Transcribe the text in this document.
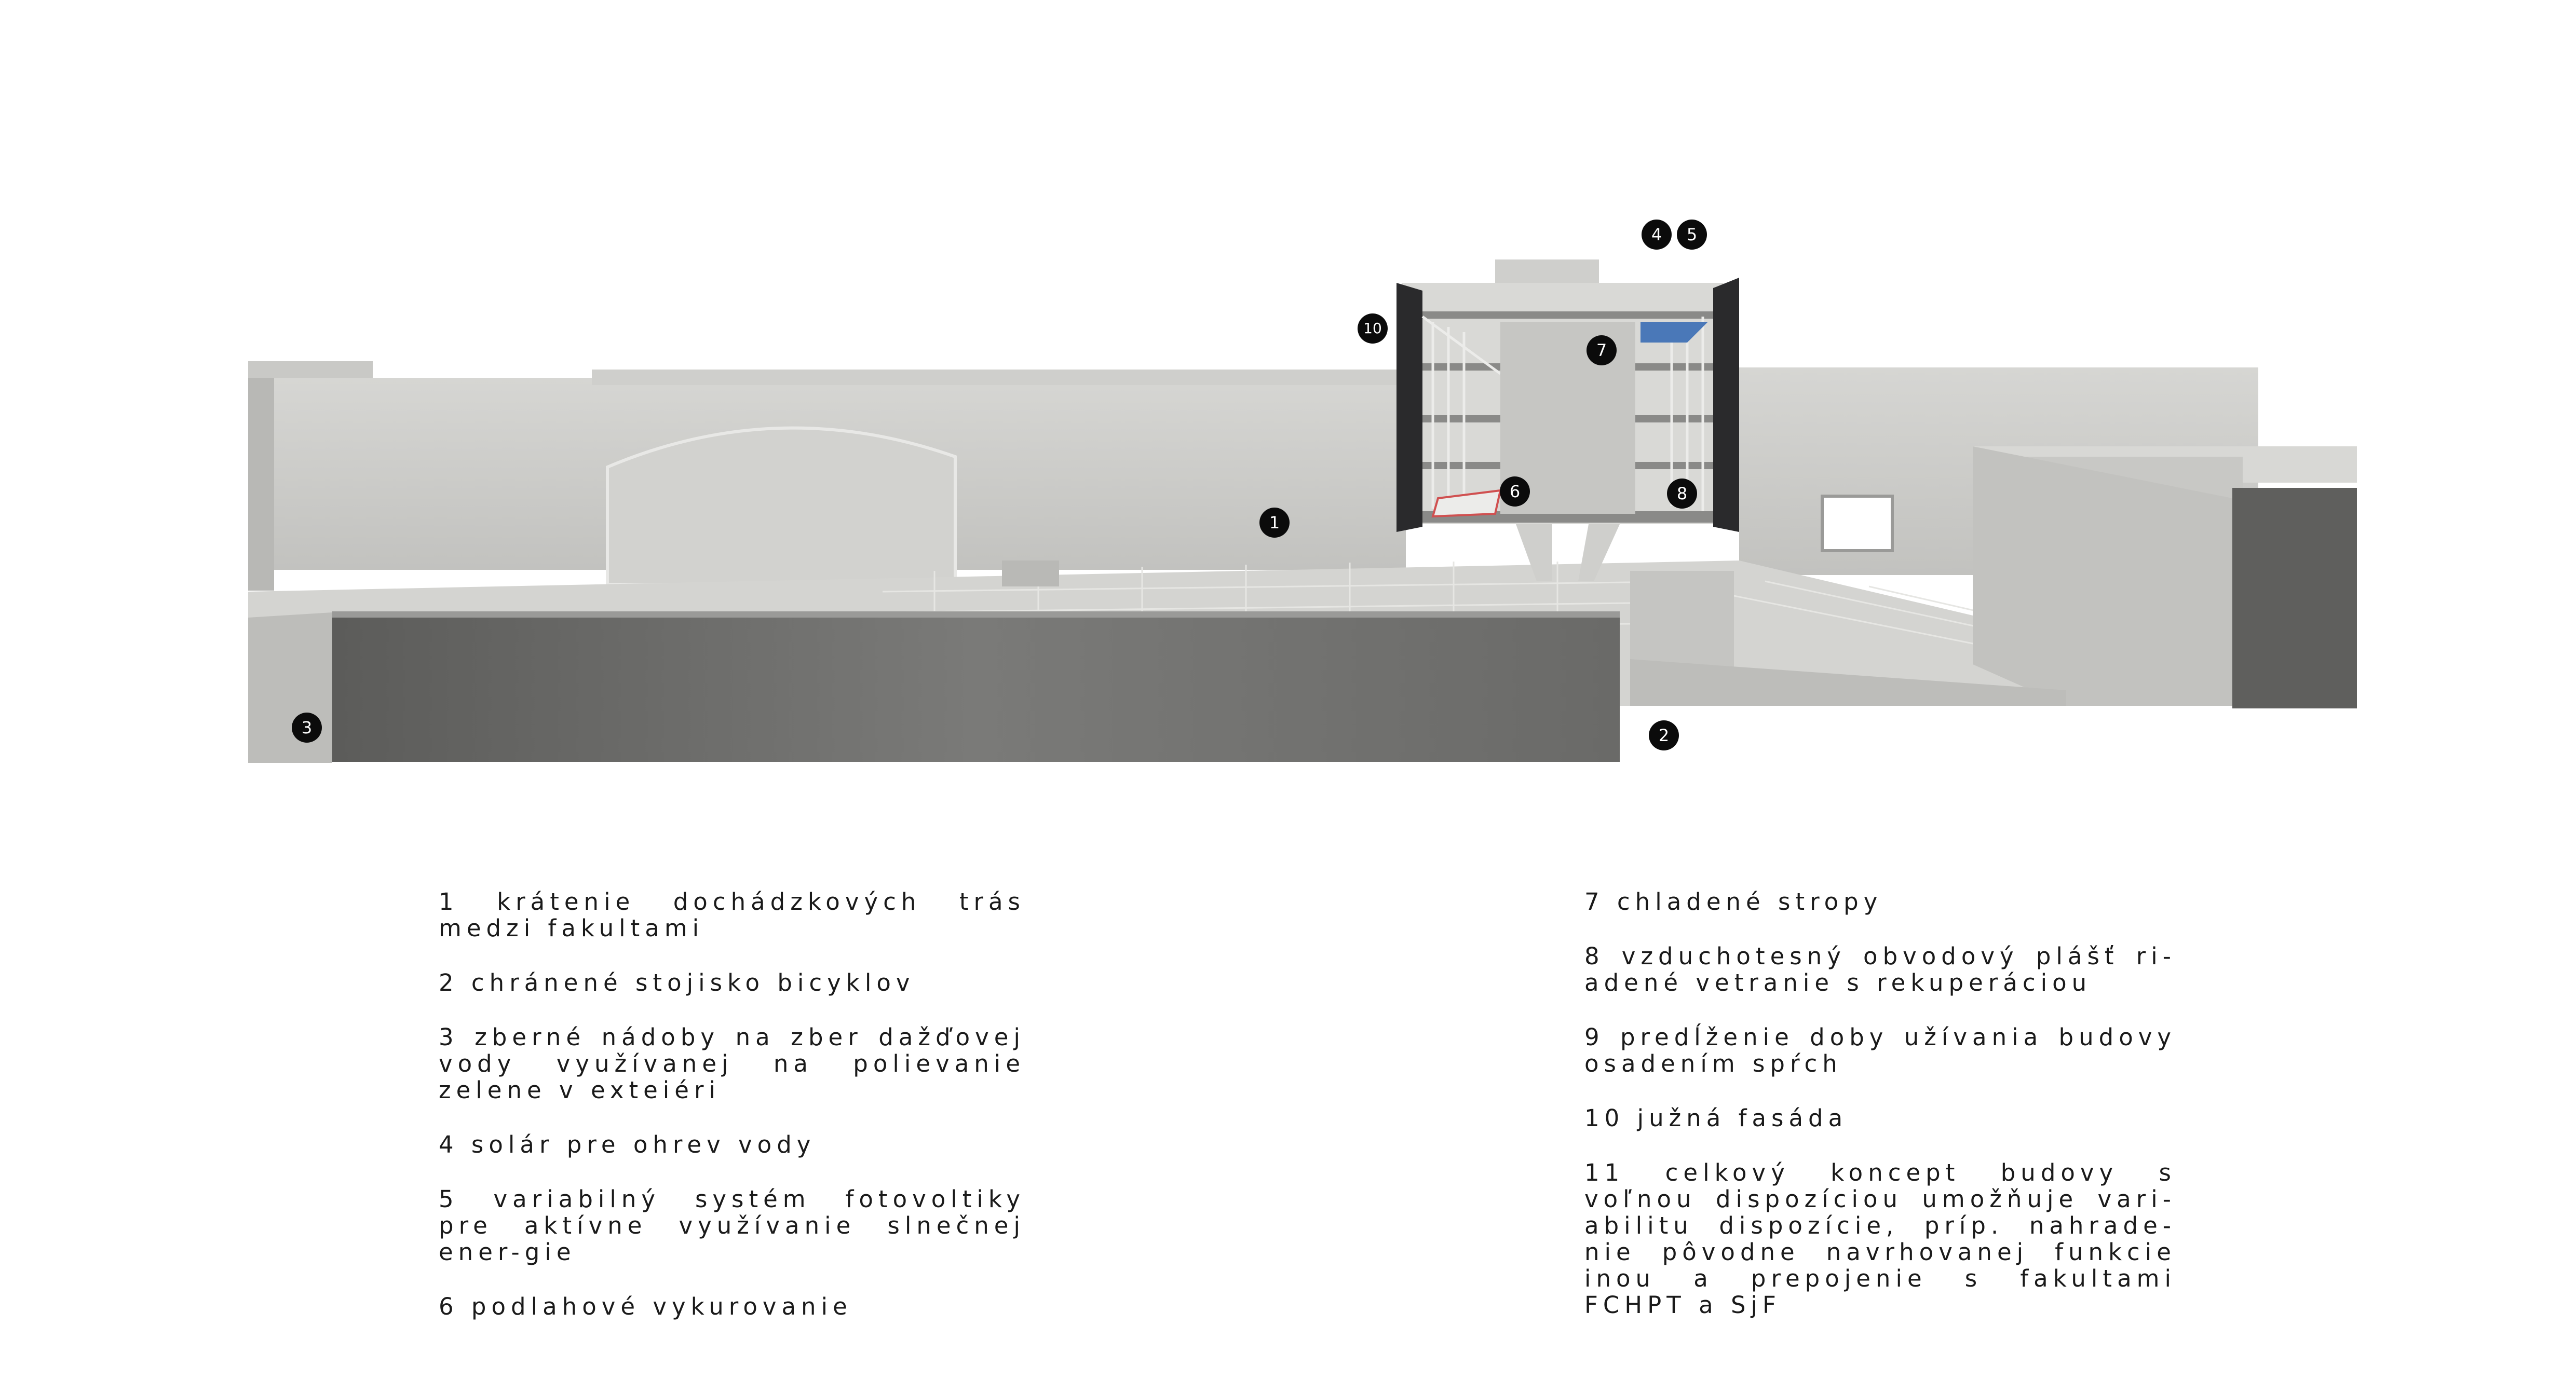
1
2
3
4	5
6
7
8
10

1 krátenie dochádzkových trás medzi fakultami

2 chránené stojisko bicyklov

3 zberné nádoby na zber dažďovej vody využívanej na polievanie zelene v exteiéri

4 solár pre ohrev vody

5 variabilný systém fotovoltiky pre aktívne využívanie slnečnej ener-gie

6 podlahové vykurovanie

7 chladené stropy

8 vzduchotesný obvodový plášť ri-adené vetranie s rekuperáciou

9 predĺženie doby užívania budovy osadením spŕch

10 južná fasáda

11 celkový koncept budovy s voľnou dispozíciou umožňuje vari-abilitu dispozície, príp. nahrade-nie pôvodne navrhovanej funkcie inou a prepojenie s fakultami FCHPT a SjF
